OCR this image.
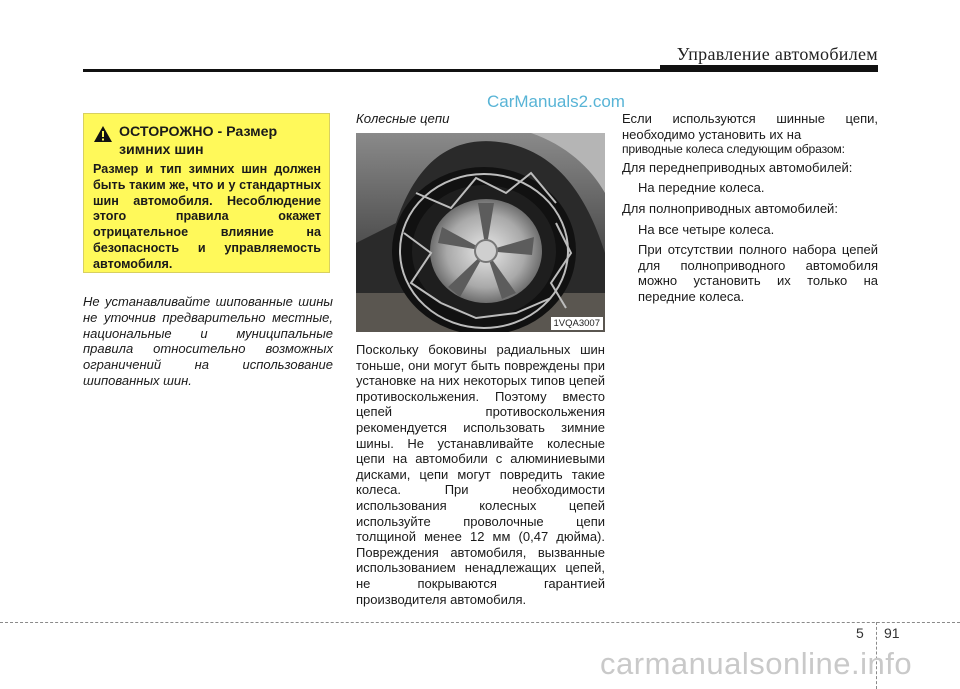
Управление автомобилем
CarManuals2.com
ОСТОРОЖНО - Размер зимних шин
Размер и тип зимних шин должен быть таким же, что и у стандартных шин автомобиля. Несоблюдение этого правила окажет отрицательное влияние на безопасность и управляемость автомобиля.
Не устанавливайте шипованные шины не уточнив предварительно местные, национальные и муниципальные правила относительно возможных ограничений на использование шипованных шин.
Колесные цепи
1VQA3007
Поскольку боковины радиальных шин тоньше, они могут быть повреждены при установке на них некоторых типов цепей противоскольжения. Поэтому вместо цепей противоскольжения рекомендуется использовать зимние шины. Не устанавливайте колесные цепи на автомобили с алюминиевыми дисками, цепи могут повредить такие колеса. При необходимости использования колесных цепей используйте проволочные цепи толщиной менее 12 мм (0,47 дюйма). Повреждения автомобиля, вызванные использованием ненадлежащих цепей, не покрываются гарантией производителя автомобиля.

Если используются шинные цепи, необходимо установить их на

приводные колеса следующим образом:

Для переднеприводных автомобилей:

На передние колеса.

Для полноприводных автомобилей:

На все четыре колеса.

При отсутствии полного набора цепей для полноприводного автомобиля можно установить их только на передние колеса.

5 91
carmanualsonline.info
